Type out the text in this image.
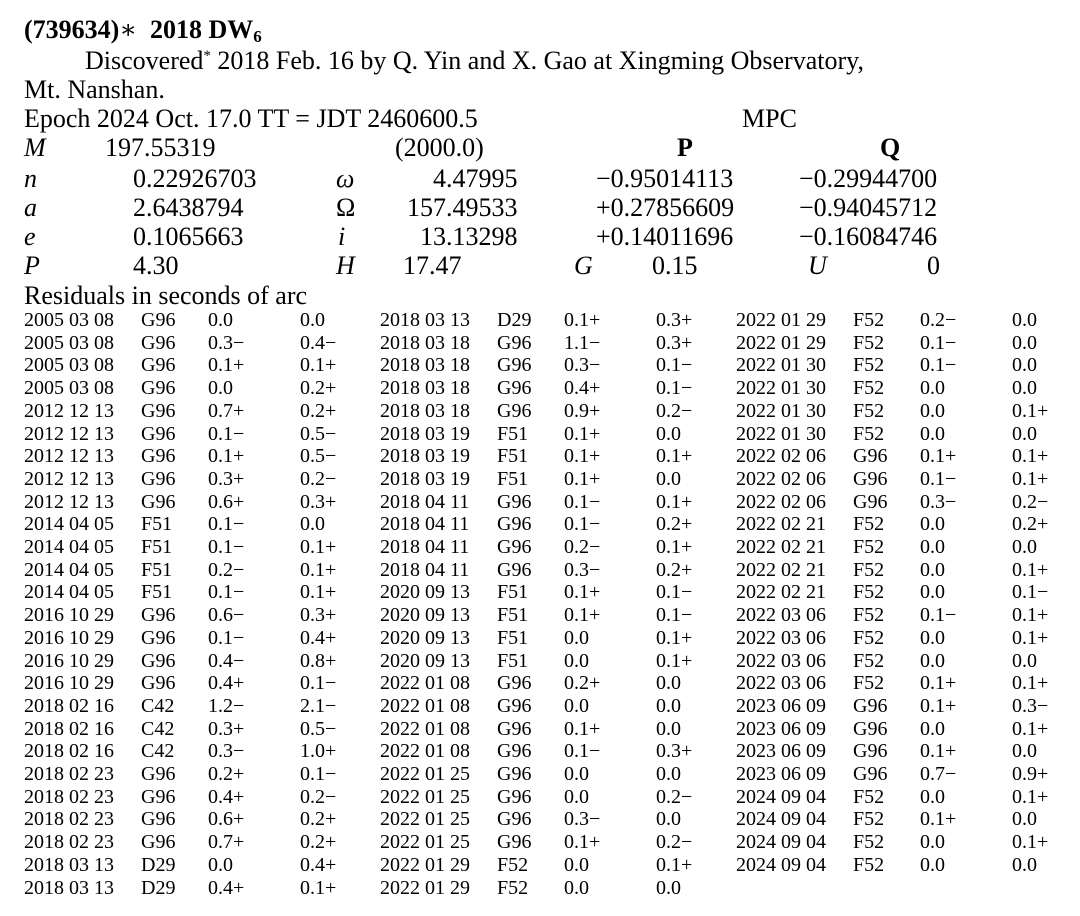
(739634)∗ 2018 $DW_6$
Discovered* 2018 Feb. 16 by Q. Yin and X. Gao at Xingming Observatory,
Mt. Nanshan.
Epoch 2024 Oct. 17.0 TT = JDT 2460600.5	MPC
M 197.55319	(2000.0)	P	Q
n	0.22926703	ω	4.47995	−0.95014113	−0.29944700
a	2.6438794	Ω 157.49533	+0.27856609 −0.94045712
e	0.1065663	i	13.13298	+0.14011696	−0.16084746
P	4.30	H 17.47	G 0.15	U	0
Residuals in seconds of arc
2005 03 08 G96 0.0	0.0
2005 03 08 G96 0.3−	0.4−
2005 03 08 G96 0.1+	0.1+
2005 03 08 G96 0.0	0.2+
2012 12 13 G96 0.7+	0.2+
2012 12 13 G96 0.1−	0.5−
2012 12 13 G96 0.1+	0.5−
2012 12 13 G96 0.3+	0.2−
2012 12 13 G96 0.6+	0.3+
2014 04 05 F51 0.1−	0.0
2014 04 05 F51 0.1−	0.1+
2014 04 05 F51 0.2−	0.1+
2014 04 05 F51 0.1−	0.1+
2016 10 29 G96 0.6−	0.3+
2016 10 29 G96 0.1−	0.4+
2016 10 29 G96 0.4−	0.8+
2016 10 29 G96 0.4+	0.1−
2018 02 16 C42 1.2−	2.1−
2018 02 16 C42 0.3+	0.5−
2018 02 16 C42 0.3−	1.0+
2018 02 23 G96 0.2+	0.1−
2018 02 23 G96 0.4+	0.2−
2018 02 23 G96 0.6+	0.2+
2018 02 23 G96 0.7+	0.2+
2018 03 13 D29 0.0	0.4+
2018 03 13 D29 0.4+	0.1+
2018 03 13 D29 0.1+	0.3+
2018 03 18 G96 1.1−	0.3+
2018 03 18 G96 0.3−	0.1−
2018 03 18 G96 0.4+	0.1−
2018 03 18 G96 0.9+	0.2−
2018 03 19 F51 0.1+	0.0
2018 03 19 F51 0.1+	0.1+
2018 03 19 F51 0.1+	0.0
2018 04 11 G96 0.1−	0.1+
2018 04 11 G96 0.1−	0.2+
2018 04 11 G96 0.2−	0.1+
2018 04 11 G96 0.3−	0.2+
2020 09 13 F51 0.1+	0.1−
2020 09 13 F51 0.1+	0.1−
2020 09 13 F51 0.0	0.1+
2020 09 13 F51 0.0	0.1+
2022 01 08 G96 0.2+	0.0
2022 01 08 G96 0.0	0.0
2022 01 08 G96 0.1+	0.0
2022 01 08 G96 0.1−	0.3+
2022 01 25 G96 0.0	0.0
2022 01 25 G96 0.0	0.2−
2022 01 25 G96 0.3−	0.0
2022 01 25 G96 0.1+	0.2−
2022 01 29 F52 0.0	0.1+
2022 01 29 F52 0.0	0.0
2022 01 29 F52 0.2−	0.0
2022 01 29 F52 0.1−	0.0
2022 01 30 F52 0.1−	0.0
2022 01 30 F52 0.0	0.0
2022 01 30 F52 0.0	0.1+
2022 01 30 F52 0.0	0.0
2022 02 06 G96 0.1+	0.1+
2022 02 06 G96 0.1−	0.1+
2022 02 06 G96 0.3−	0.2−
2022 02 21 F52 0.0	0.2+
2022 02 21 F52 0.0	0.0
2022 02 21 F52 0.0	0.1+
2022 02 21 F52 0.0	0.1−
2022 03 06 F52 0.1−	0.1+
2022 03 06 F52 0.0	0.1+
2022 03 06 F52 0.0	0.0
2022 03 06 F52 0.1+	0.1+
2023 06 09 G96 0.1+	0.3−
2023 06 09 G96 0.0	0.1+
2023 06 09 G96 0.1+	0.0
2023 06 09 G96 0.7−	0.9+
2024 09 04 F52 0.0	0.1+
2024 09 04 F52 0.1+	0.0
2024 09 04 F52 0.0	0.1+
2024 09 04 F52 0.0	0.0
